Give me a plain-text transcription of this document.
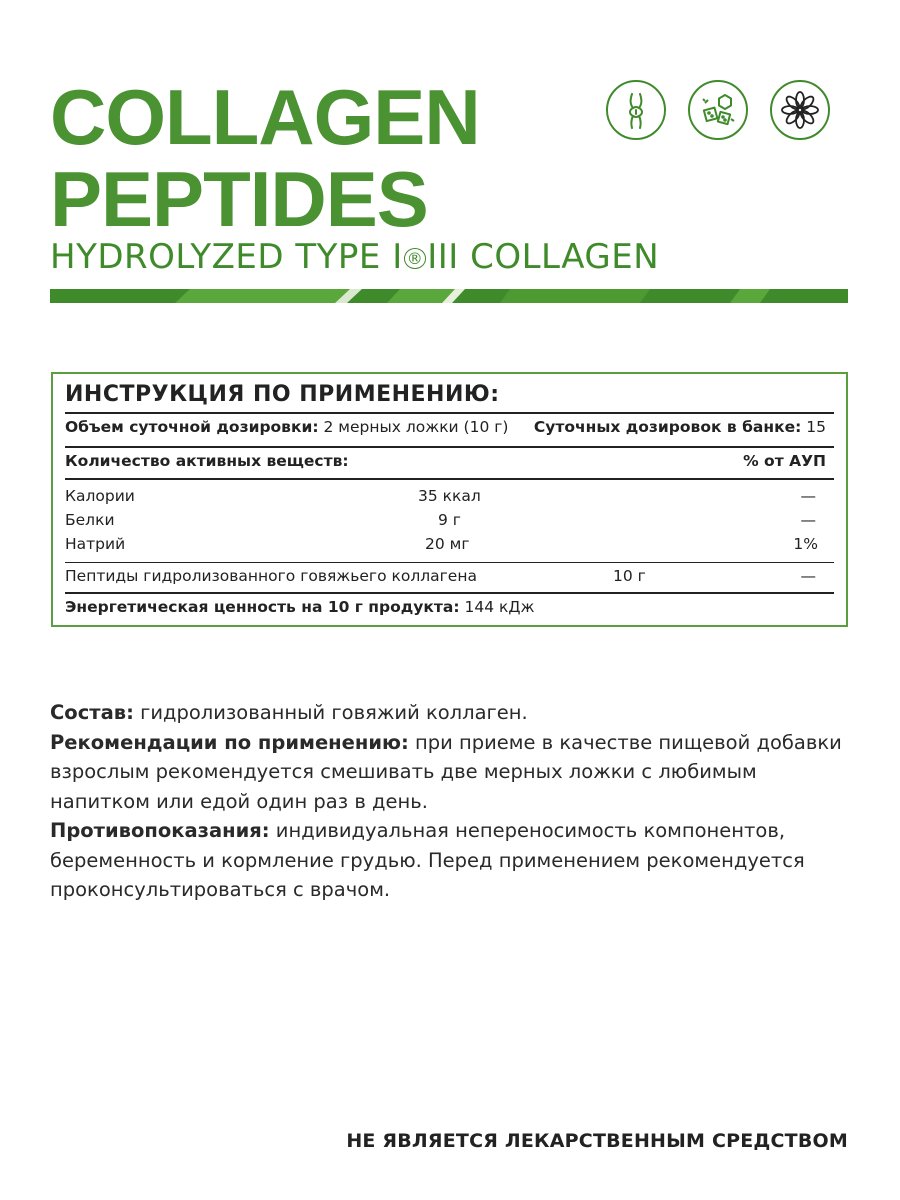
COLLAGEN
PEPTIDES
HYDROLYZED TYPE I ® III COLLAGEN
ИНСТРУКЦИЯ ПО ПРИМЕНЕНИЮ:
Объем суточной дозировки: 2 мерных ложки (10 г) Суточных дозировок в банке: 15
Количество активных веществ:	% от АУП
Калории	35 ккал	—
Белки	9 г	—
Натрий	20 мг	1%
Пептиды гидролизованного говяжьего коллагена	10 г	—
Энергетическая ценность на 10 г продукта: 144 кДж

Состав: гидролизованный говяжий коллаген.

Рекомендации по применению: при приеме в качестве пищевой добавки
взрослым рекомендуется смешивать две мерных ложки с любимым
напитком или едой один раз в день.

Противопоказания: индивидуальная непереносимость компонентов,
беременность и кормление грудью. Перед применением рекомендуется
проконсультироваться с врачом.

НЕ ЯВЛЯЕТСЯ ЛЕКАРСТВЕННЫМ СРЕДСТВОМ
